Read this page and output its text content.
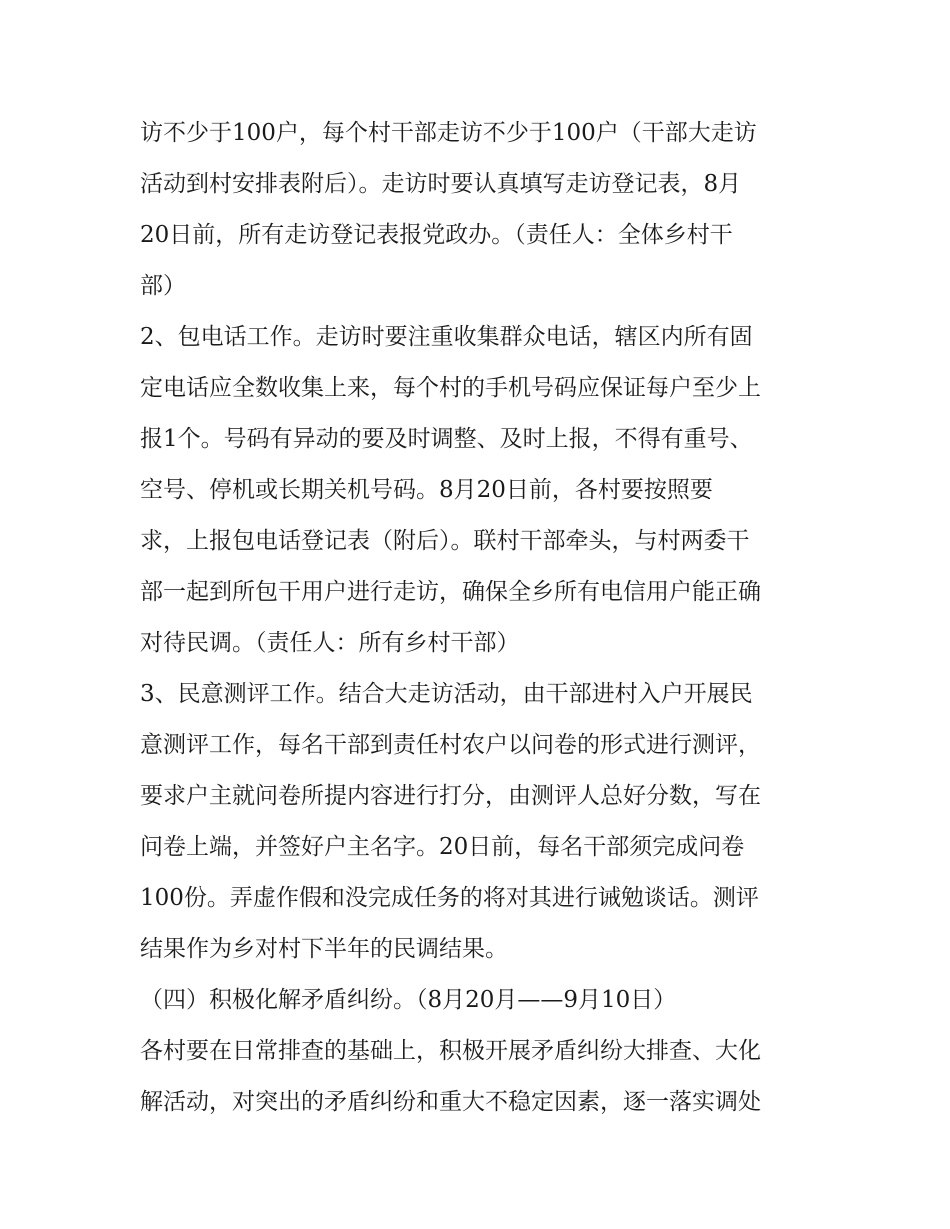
访不少于100户，每个村干部走访不少于100户（干部大走访
活动到村安排表附后）。走访时要认真填写走访登记表，8月
20日前，所有走访登记表报党政办。（责任人：全体乡村干
部）
2、包电话工作。走访时要注重收集群众电话，辖区内所有固
定电话应全数收集上来，每个村的手机号码应保证每户至少上
报1个。号码有异动的要及时调整、及时上报，不得有重号、
空号、停机或长期关机号码。8月20日前，各村要按照要
求，上报包电话登记表（附后）。联村干部牵头，与村两委干
部一起到所包干用户进行走访，确保全乡所有电信用户能正确
对待民调。（责任人：所有乡村干部）
3、民意测评工作。结合大走访活动，由干部进村入户开展民
意测评工作，每名干部到责任村农户以问卷的形式进行测评，
要求户主就问卷所提内容进行打分，由测评人总好分数，写在
问卷上端，并签好户主名字。20日前，每名干部须完成问卷
100份。弄虚作假和没完成任务的将对其进行诫勉谈话。测评
结果作为乡对村下半年的民调结果。
（四）积极化解矛盾纠纷。（8月20月——9月10日）
各村要在日常排查的基础上，积极开展矛盾纠纷大排查、大化
解活动，对突出的矛盾纠纷和重大不稳定因素，逐一落实调处
